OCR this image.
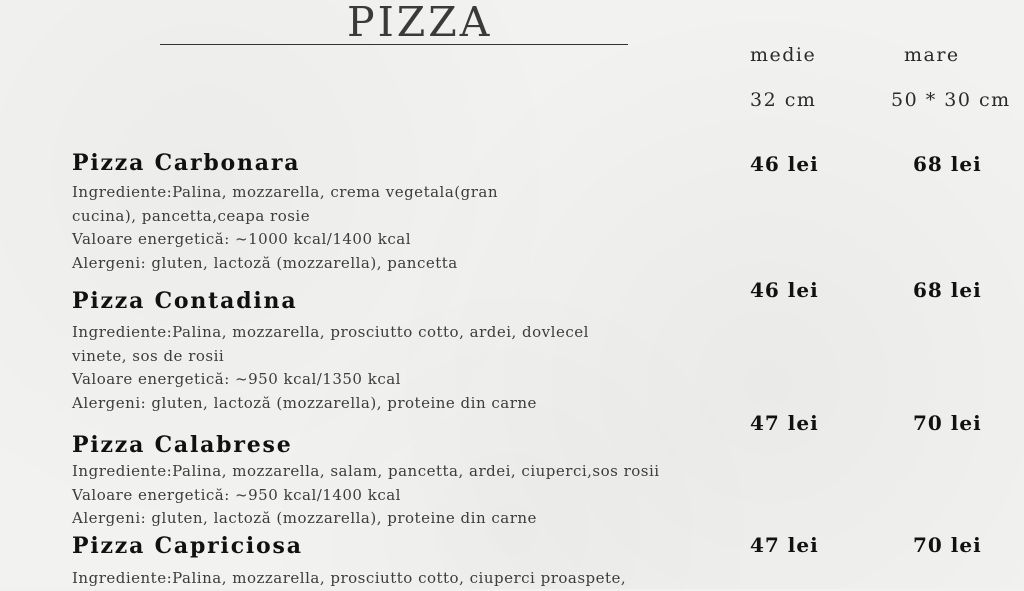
PIZZA
medie	mare
32 cm	50 * 30 cm
Pizza Carbonara
Ingrediente:Palina, mozzarella, crema vegetala(gran
cucina), pancetta,ceapa rosie
Valoare energetică: ~1000 kcal/1400 kcal
Alergeni: gluten, lactoză (mozzarella), pancetta
46 lei	68 lei
Pizza Contadina
Ingrediente:Palina, mozzarella, prosciutto cotto, ardei, dovlecel
vinete, sos de rosii
Valoare energetică: ~950 kcal/1350 kcal
Alergeni: gluten, lactoză (mozzarella), proteine din carne
46 lei	68 lei
Pizza Calabrese
Ingrediente:Palina, mozzarella, salam, pancetta, ardei, ciuperci,sos rosii
Valoare energetică: ~950 kcal/1400 kcal
Alergeni: gluten, lactoză (mozzarella), proteine din carne
47 lei	70 lei
Pizza Capriciosa
Ingrediente:Palina, mozzarella, prosciutto cotto, ciuperci proaspete,
47 lei	70 lei
